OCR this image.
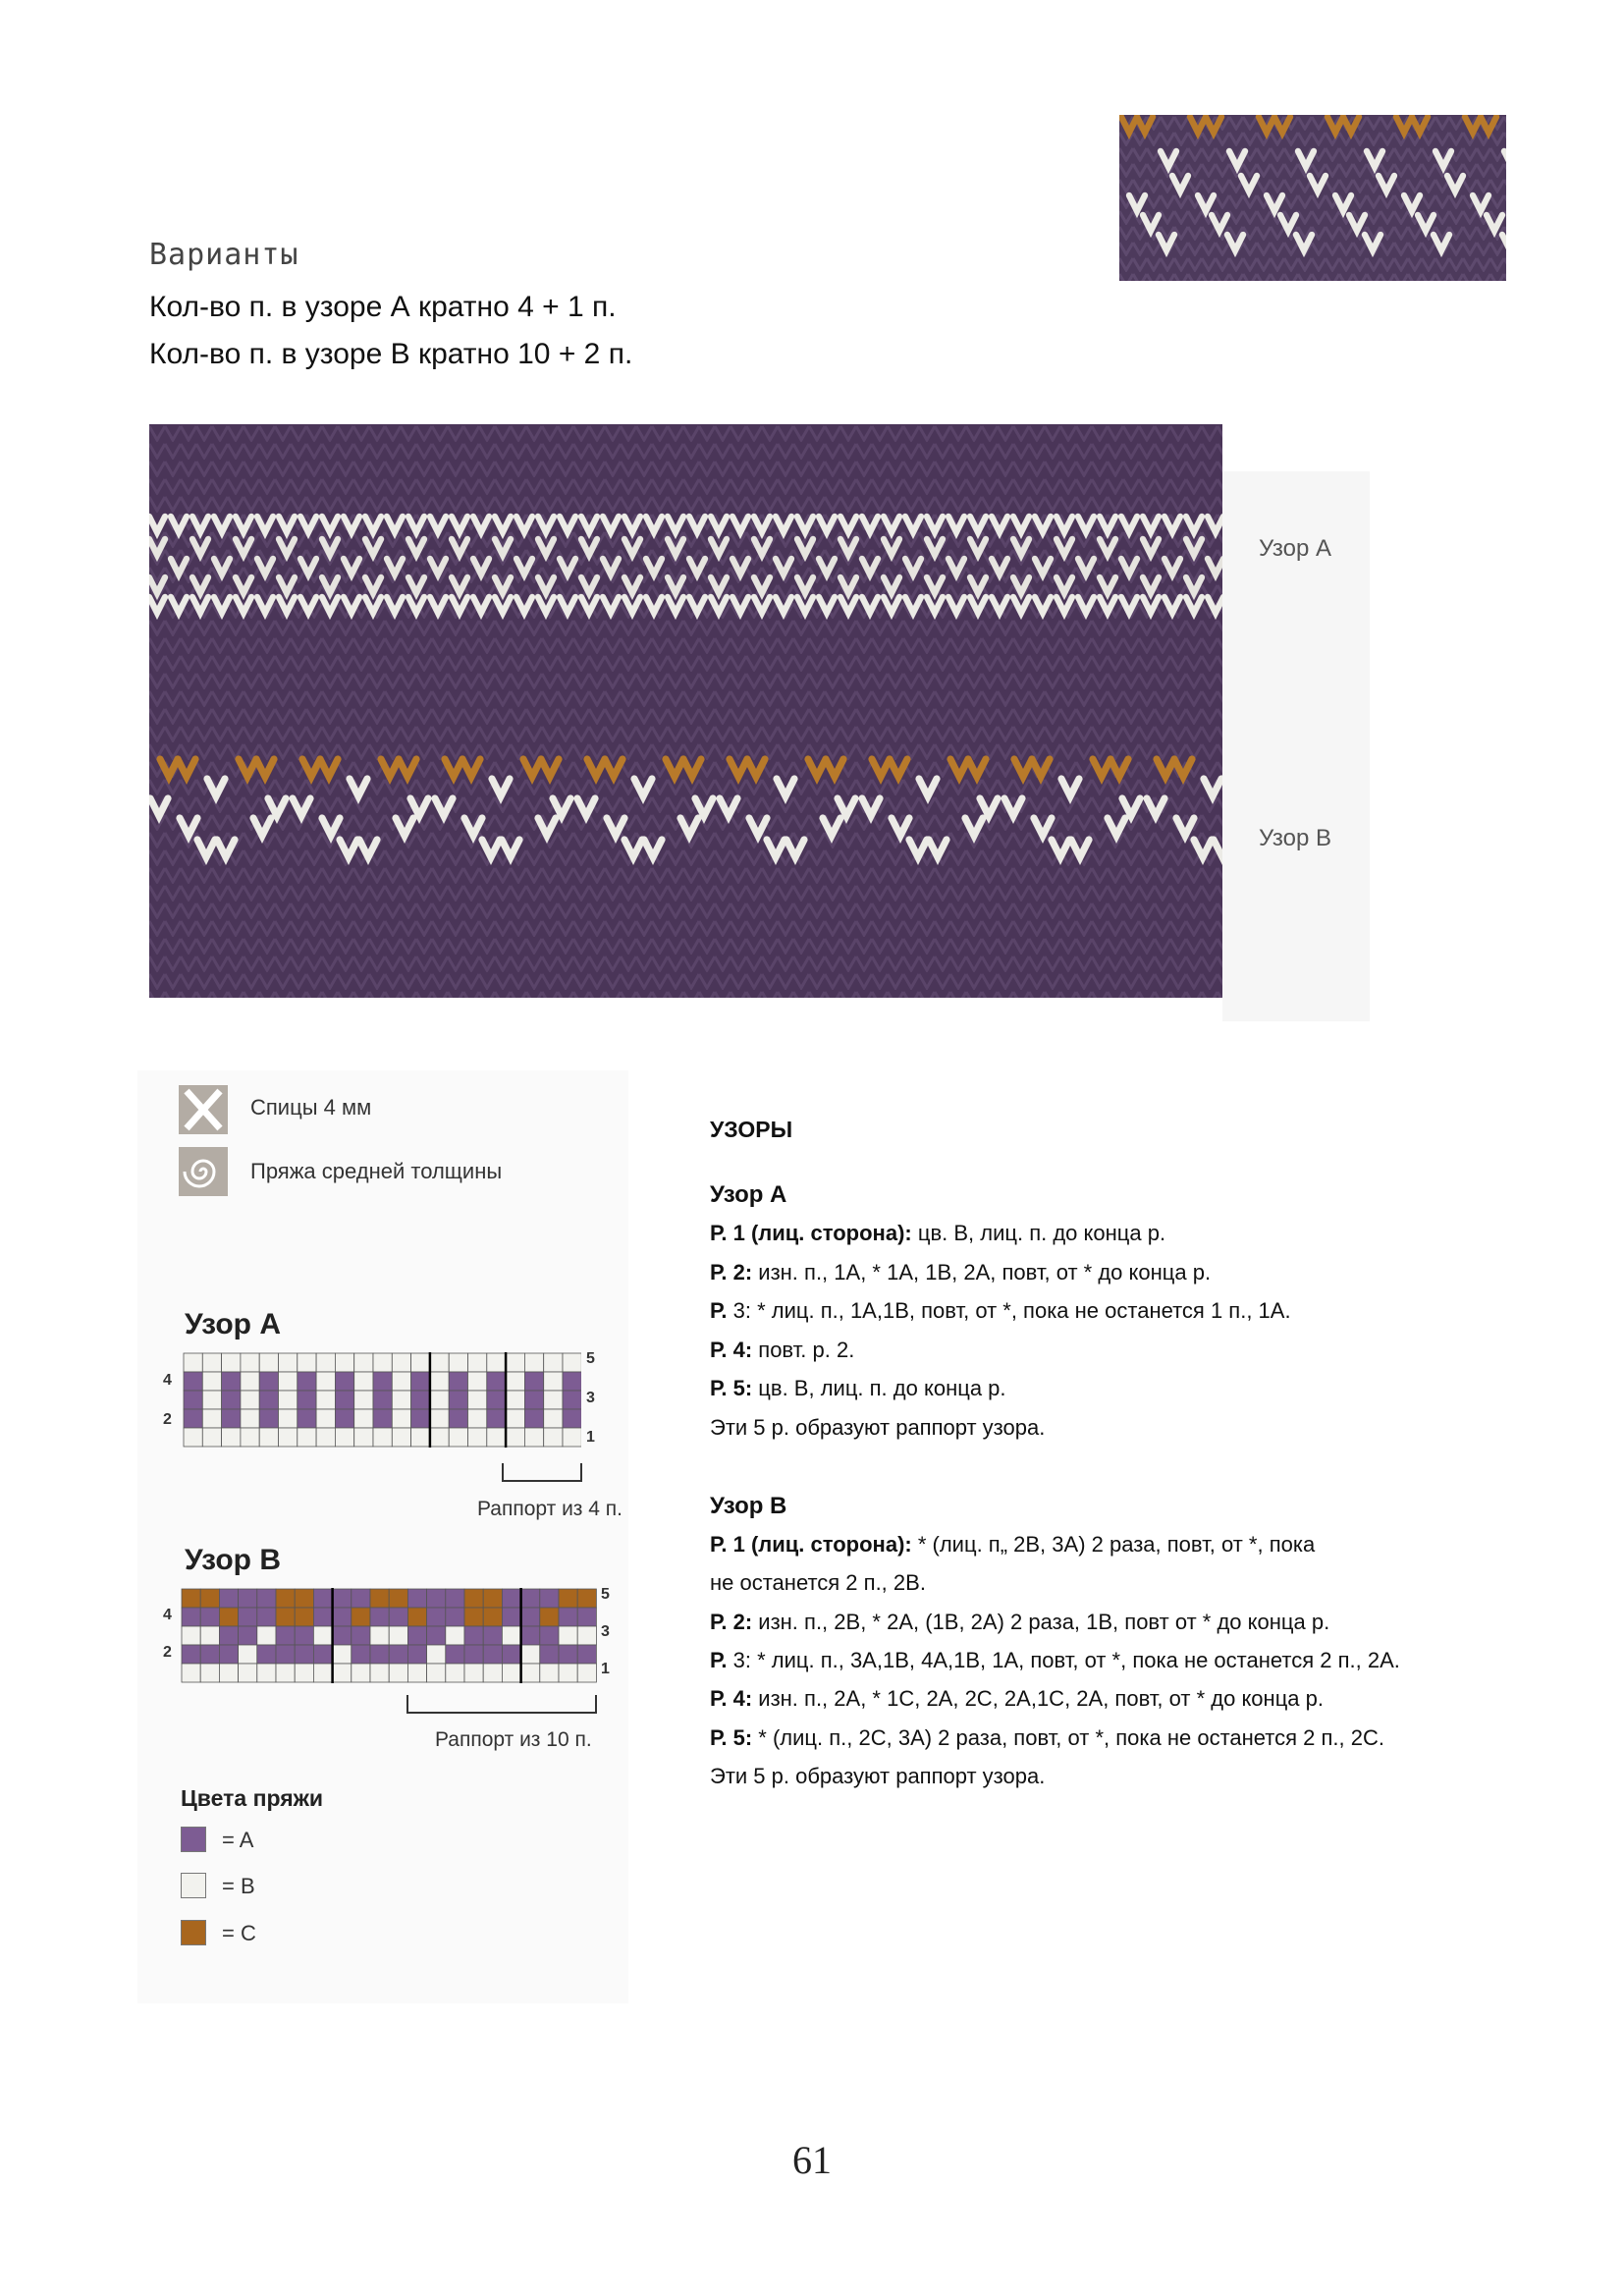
Варианты
Кол-во п. в узоре А кратно 4 + 1 п.
Кол-во п. в узоре В кратно 10 + 2 п.
Узор А
Узор В
Спицы 4 мм
Пряжа средней толщины
Узор А
4
2
5
3
1
Раппорт из 4 п.
Узор В
4
2
5
3
1
Раппорт из 10 п.
Цвета пряжи
= A
= B
= C
УЗОРЫ
Узор А
Р. 1 (лиц. сторона): цв. В, лиц. п. до конца р.
Р. 2: изн. п., 1А, * 1А, 1В, 2А, повт, от * до конца р.
Р. 3: * лиц. п., 1А,1В, повт, от *, пока не останется 1 п., 1А.
Р. 4: повт. р. 2.
Р. 5: цв. В, лиц. п. до конца р.
Эти 5 р. образуют раппорт узора.
Узор В
Р. 1 (лиц. сторона): * (лиц. п„ 2В, 3А) 2 раза, повт, от *, пока
не останется 2 п., 2В.
Р. 2: изн. п., 2В, * 2А, (1В, 2А) 2 раза, 1В, повт от * до конца р.
Р. 3: * лиц. п., 3А,1В, 4А,1В, 1А, повт, от *, пока не останется 2 п., 2А.
Р. 4: изн. п., 2А, * 1С, 2А, 2С, 2А,1С, 2А, повт, от * до конца р.
Р. 5: * (лиц. п., 2С, 3А) 2 раза, повт, от *, пока не останется 2 п., 2С.
Эти 5 р. образуют раппорт узора.
61
